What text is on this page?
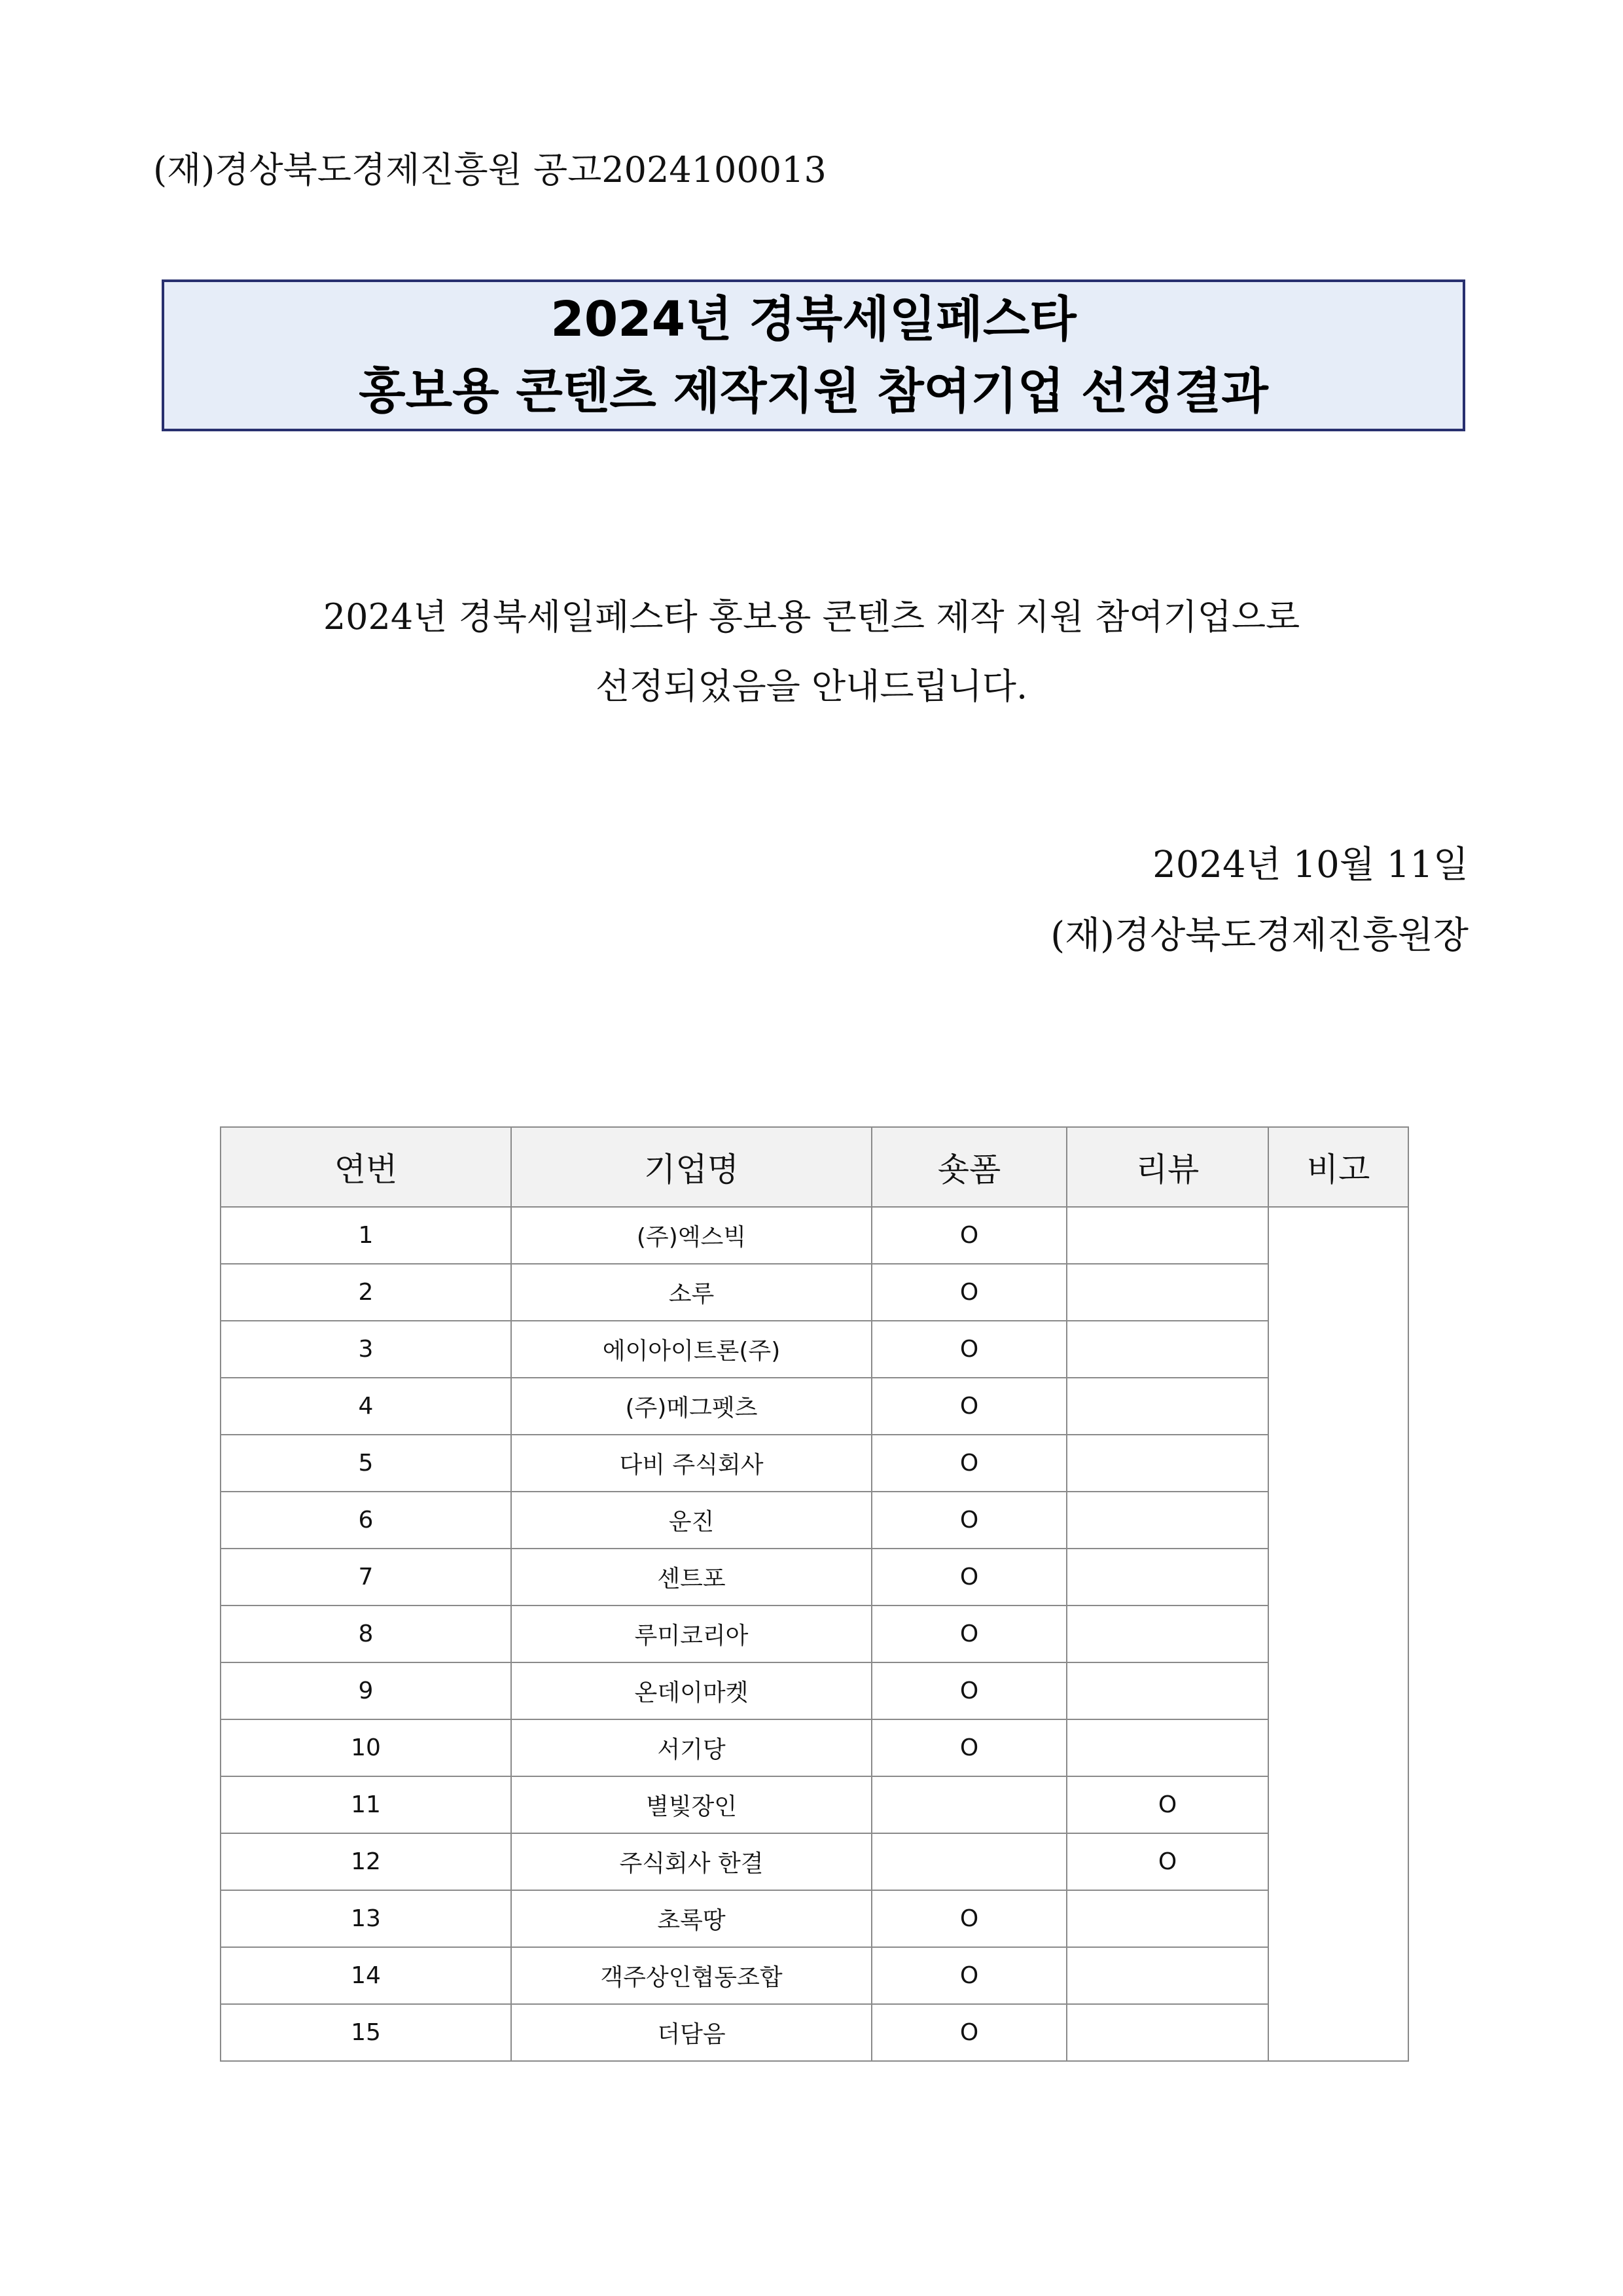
(재)경상북도경제진흥원 공고2024100013
2024년 경북세일페스타
홍보용 콘텐츠 제작지원 참여기업 선정결과
2024년 경북세일페스타 홍보용 콘텐츠 제작 지원 참여기업으로
선정되었음을 안내드립니다.
2024년 10월 11일
(재)경상북도경제진흥원장
연번	기업명	숏폼	리뷰	비고
1	(주)엑스빅	O		
2	소루	O		
3	에이아이트론(주)	O		
4	(주)메그펫츠	O		
5	다비 주식회사	O		
6	운진	O		
7	센트포	O		
8	루미코리아	O		
9	온데이마켓	O		
10	서기당	O		
11	별빛장인		O	
12	주식회사 한결		O	
13	초록땅	O		
14	객주상인협동조합	O		
15	더담음	O		
